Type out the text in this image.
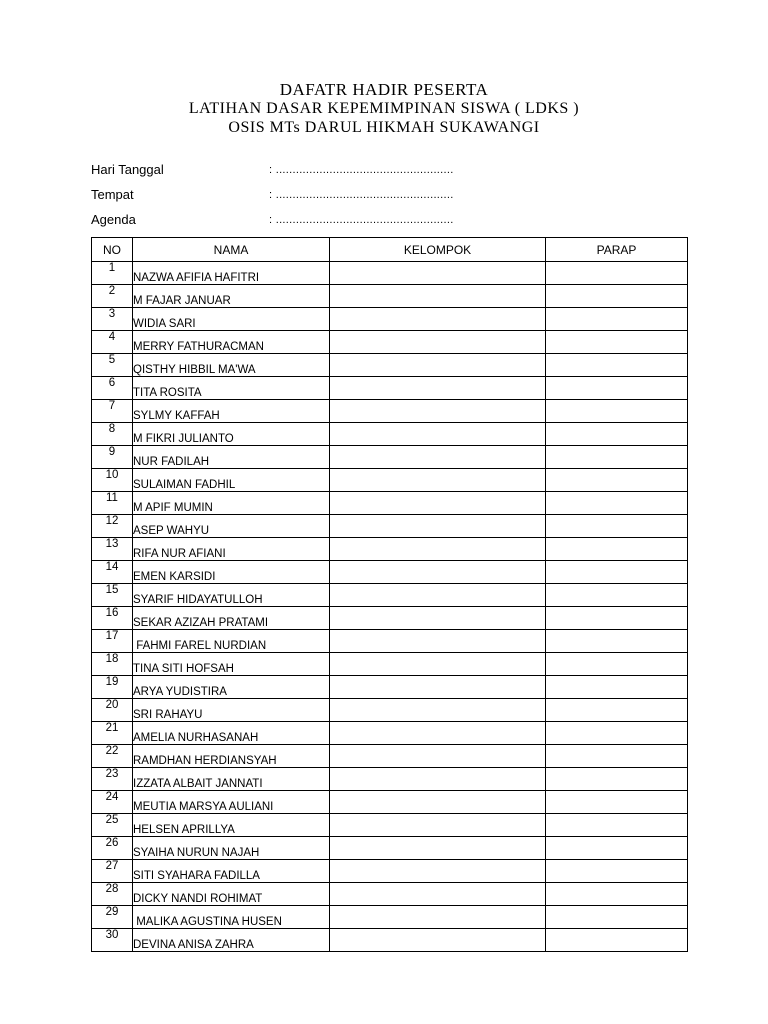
DAFATR HADIR PESERTA
LATIHAN DASAR KEPEMIMPINAN SISWA ( LDKS )
OSIS MTs DARUL HIKMAH SUKAWANGI
Hari Tanggal	: .....................................................
Tempat	: .....................................................
Agenda	: .....................................................
NO	NAMA	KELOMPOK	PARAP
1	NAZWA AFIFIA HAFITRI		
2	M FAJAR JANUAR		
3	WIDIA SARI		
4	MERRY FATHURACMAN		
5	QISTHY HIBBIL MA'WA		
6	TITA ROSITA		
7	SYLMY KAFFAH		
8	M FIKRI JULIANTO		
9	NUR FADILAH		
10	SULAIMAN FADHIL		
11	M APIF MUMIN		
12	ASEP WAHYU		
13	RIFA NUR AFIANI		
14	EMEN KARSIDI		
15	SYARIF HIDAYATULLOH		
16	SEKAR AZIZAH PRATAMI		
17	FAHMI FAREL NURDIAN		
18	TINA SITI HOFSAH		
19	ARYA YUDISTIRA		
20	SRI RAHAYU		
21	AMELIA NURHASANAH		
22	RAMDHAN HERDIANSYAH		
23	IZZATA ALBAIT JANNATI		
24	MEUTIA MARSYA AULIANI		
25	HELSEN APRILLYA		
26	SYAIHA NURUN NAJAH		
27	SITI SYAHARA FADILLA		
28	DICKY NANDI ROHIMAT		
29	MALIKA AGUSTINA HUSEN		
30	DEVINA ANISA ZAHRA		
